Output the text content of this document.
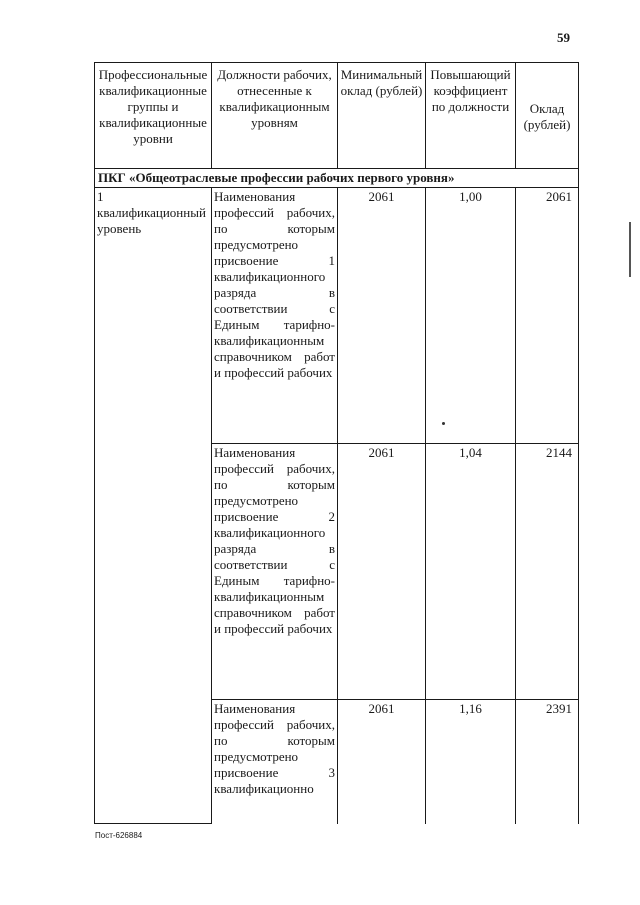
59
Профессиональные квалификационные группы и квалификационные уровни	Должности рабочих, отнесенные к квалификационным уровням	Минимальный оклад (рублей)	Повышающий коэффициент по должности	Оклад (рублей)
ПКГ «Общеотраслевые профессии рабочих первого уровня»				
1 квалификационный уровень	Наименования профессий рабочих, по которым предусмотрено присвоение 1 квалификационного разряда в соответствии с Единым тарифно-квалификационным справочником работ и профессий рабочих	2061	1,00	2061
	Наименования профессий рабочих, по которым предусмотрено присвоение 2 квалификационного разряда в соответствии с Единым тарифно-квалификационным справочником работ и профессий рабочих	2061	1,04	2144
	Наименования профессий рабочих, по которым предусмотрено присвоение 3 квалификационно	2061	1,16	2391
Пост-626884
